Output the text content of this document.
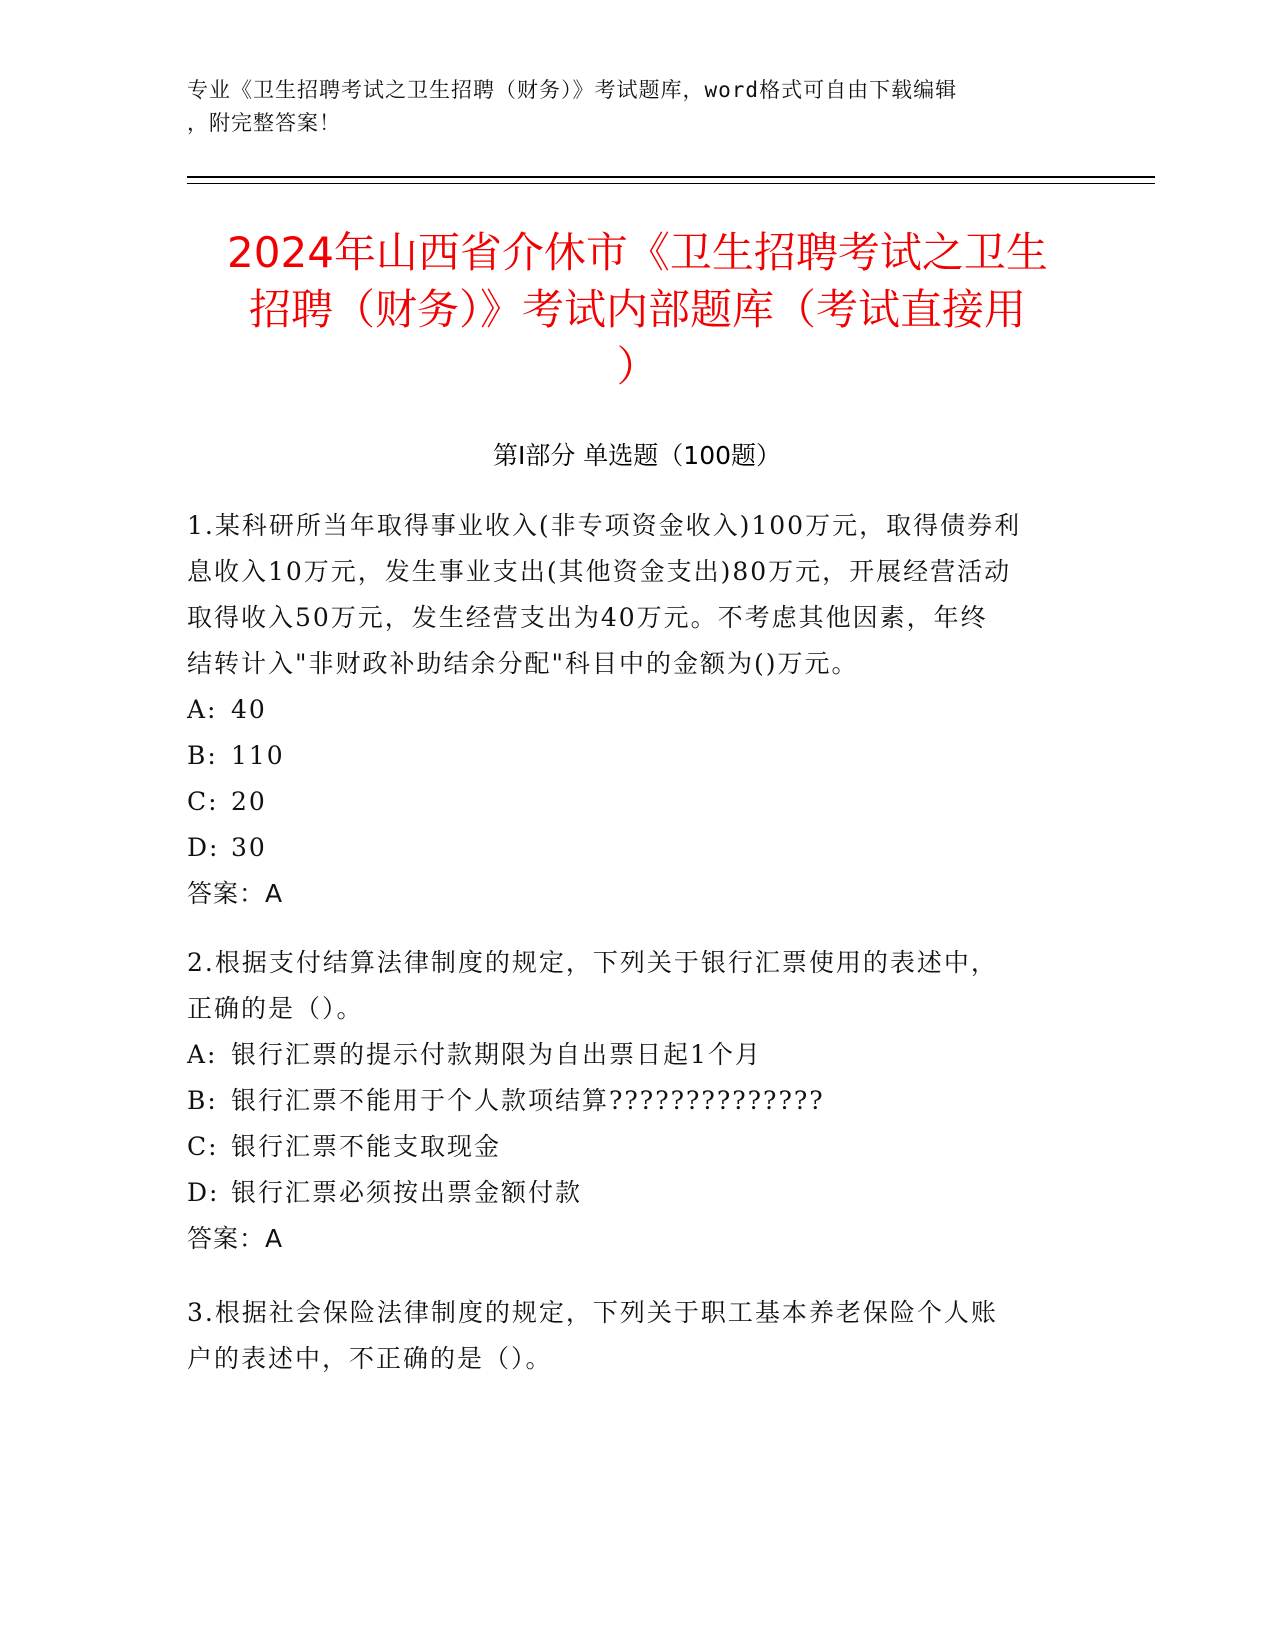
专业《卫生招聘考试之卫生招聘（财务）》考试题库，word格式可自由下载编辑
，附完整答案！
2024年山西省介休市《卫生招聘考试之卫生
招聘（财务）》考试内部题库（考试直接用
）
第I部分 单选题（100题）

1.某科研所当年取得事业收入(非专项资金收入)100万元，取得债券利

息收入10万元，发生事业支出(其他资金支出)80万元，开展经营活动

取得收入50万元，发生经营支出为40万元。不考虑其他因素，年终

结转计入"非财政补助结余分配"科目中的金额为()万元。

A: 40

B: 110

C: 20

D: 30

答案：A

2.根据支付结算法律制度的规定，下列关于银行汇票使用的表述中，

正确的是（）。

A: 银行汇票的提示付款期限为自出票日起1个月

B: 银行汇票不能用于个人款项结算??????????????

C: 银行汇票不能支取现金

D: 银行汇票必须按出票金额付款

答案：A

3.根据社会保险法律制度的规定，下列关于职工基本养老保险个人账

户的表述中，不正确的是（）。
